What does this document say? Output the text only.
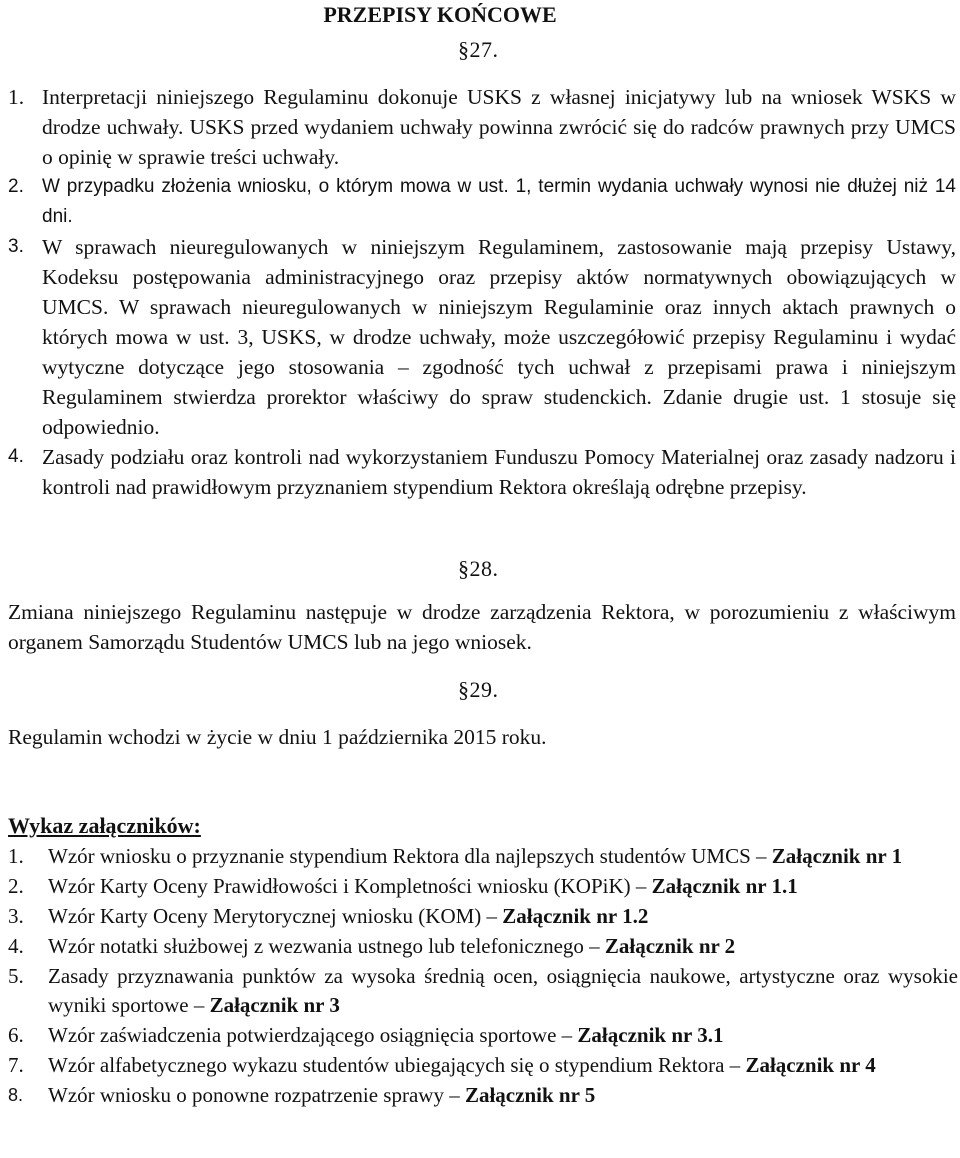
PRZEPISY KOŃCOWE
§27.
1. Interpretacji niniejszego Regulaminu dokonuje USKS z własnej inicjatywy lub na wniosek WSKS w drodze uchwały. USKS przed wydaniem uchwały powinna zwrócić się do radców prawnych przy UMCS o opinię w sprawie treści uchwały.
2. W przypadku złożenia wniosku, o którym mowa w ust. 1, termin wydania uchwały wynosi nie dłużej niż 14 dni.
3. W sprawach nieuregulowanych w niniejszym Regulaminem, zastosowanie mają przepisy Ustawy, Kodeksu postępowania administracyjnego oraz przepisy aktów normatywnych obowiązujących w UMCS. W sprawach nieuregulowanych w niniejszym Regulaminie oraz innych aktach prawnych o których mowa w ust. 3, USKS, w drodze uchwały, może uszczegółowić przepisy Regulaminu i wydać wytyczne dotyczące jego stosowania – zgodność tych uchwał z przepisami prawa i niniejszym Regulaminem stwierdza prorektor właściwy do spraw studenckich. Zdanie drugie ust. 1 stosuje się odpowiednio.
4. Zasady podziału oraz kontroli nad wykorzystaniem Funduszu Pomocy Materialnej oraz zasady nadzoru i kontroli nad prawidłowym przyznaniem stypendium Rektora określają odrębne przepisy.
§28.
Zmiana niniejszego Regulaminu następuje w drodze zarządzenia Rektora, w porozumieniu z właściwym organem Samorządu Studentów UMCS lub na jego wniosek.
§29.
Regulamin wchodzi w życie w dniu 1 października 2015 roku.
Wykaz załączników:
1. Wzór wniosku o przyznanie stypendium Rektora dla najlepszych studentów UMCS – Załącznik nr 1
2. Wzór Karty Oceny Prawidłowości i Kompletności wniosku (KOPiK) – Załącznik nr 1.1
3. Wzór Karty Oceny Merytorycznej wniosku (KOM) – Załącznik nr 1.2
4. Wzór notatki służbowej z wezwania ustnego lub telefonicznego – Załącznik nr 2
5. Zasady przyznawania punktów za wysoka średnią ocen, osiągnięcia naukowe, artystyczne oraz wysokie wyniki sportowe – Załącznik nr 3
6. Wzór zaświadczenia potwierdzającego osiągnięcia sportowe – Załącznik nr 3.1
7. Wzór alfabetycznego wykazu studentów ubiegających się o stypendium Rektora – Załącznik nr 4
8. Wzór wniosku o ponowne rozpatrzenie sprawy – Załącznik nr 5
